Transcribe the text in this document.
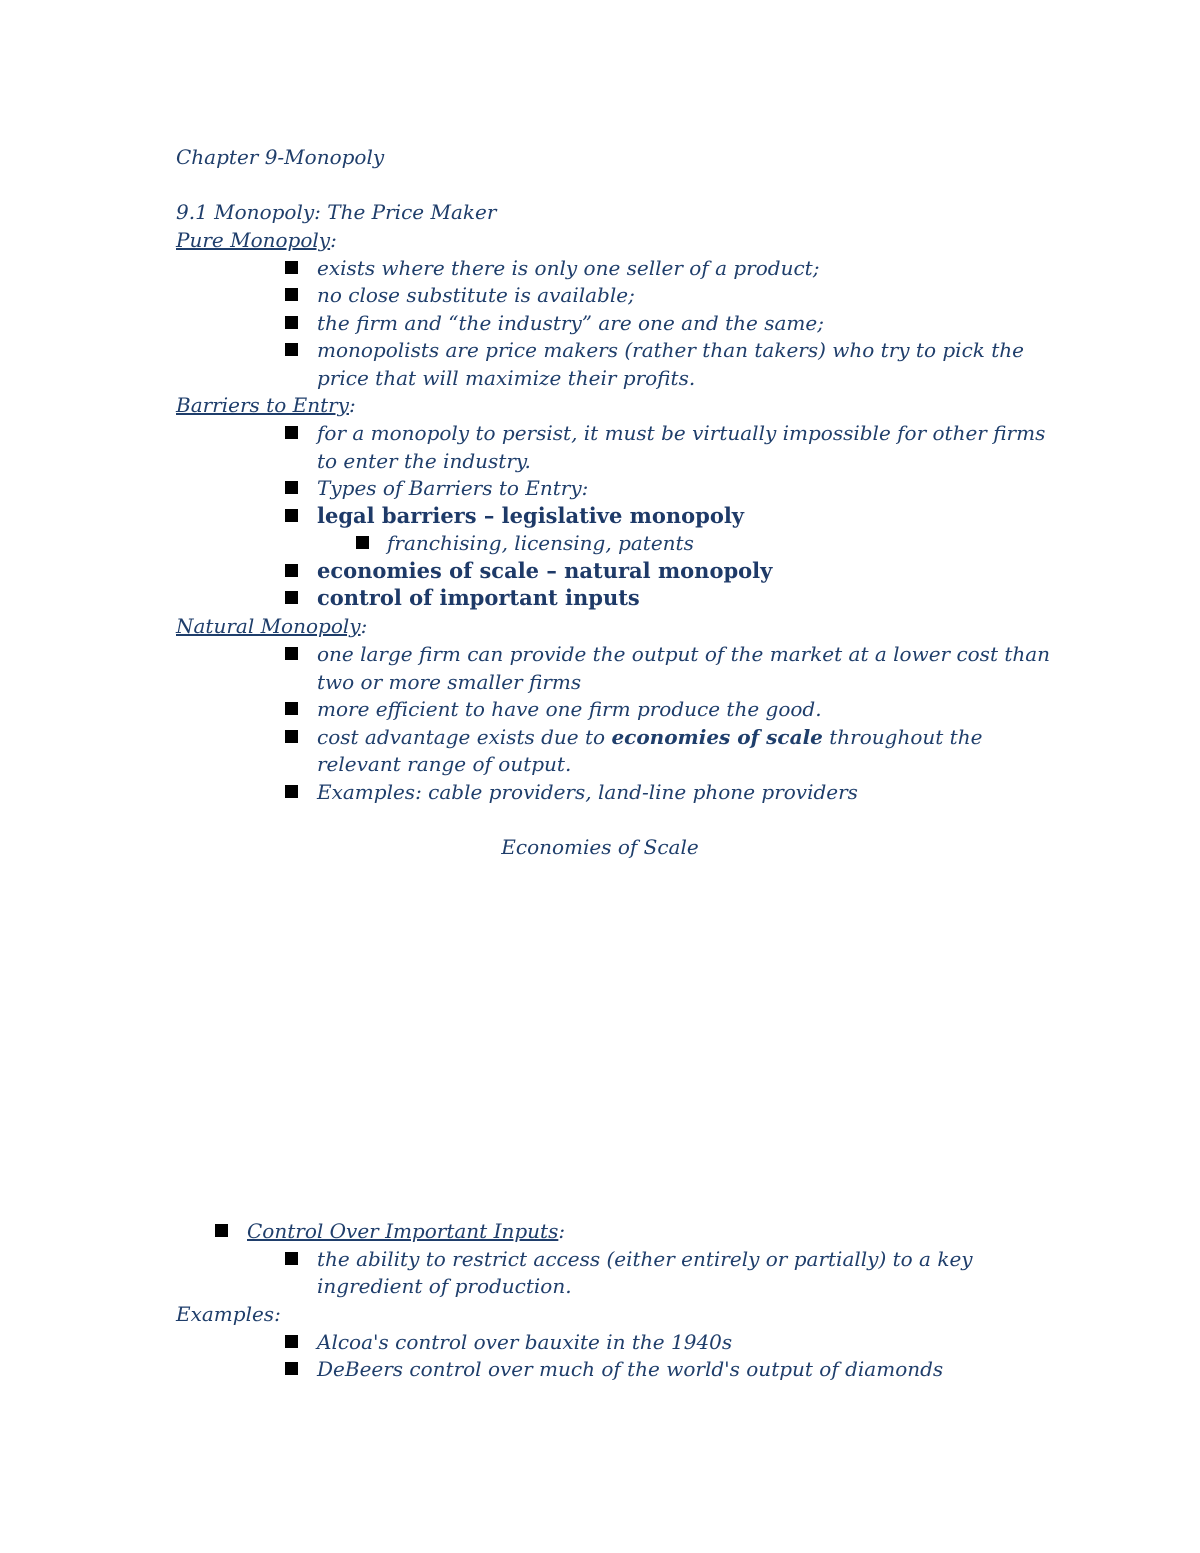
Chapter 9-Monopoly
9.1 Monopoly: The Price Maker
Pure Monopoly:
exists where there is only one seller of a product;
no close substitute is available;
the firm and “the industry” are one and the same;
monopolists are price makers (rather than takers) who try to pick the
price that will maximize their profits.
Barriers to Entry:
for a monopoly to persist, it must be virtually impossible for other firms
to enter the industry.
Types of Barriers to Entry:
legal barriers – legislative monopoly
franchising, licensing, patents
economies of scale – natural monopoly
control of important inputs
Natural Monopoly:
one large firm can provide the output of the market at a lower cost than
two or more smaller firms
more efficient to have one firm produce the good.
cost advantage exists due to economies of scale throughout the
relevant range of output.
Examples: cable providers, land-line phone providers
Economies of Scale
Control Over Important Inputs:
the ability to restrict access (either entirely or partially) to a key
ingredient of production.
Examples:
Alcoa's control over bauxite in the 1940s
DeBeers control over much of the world's output of diamonds
